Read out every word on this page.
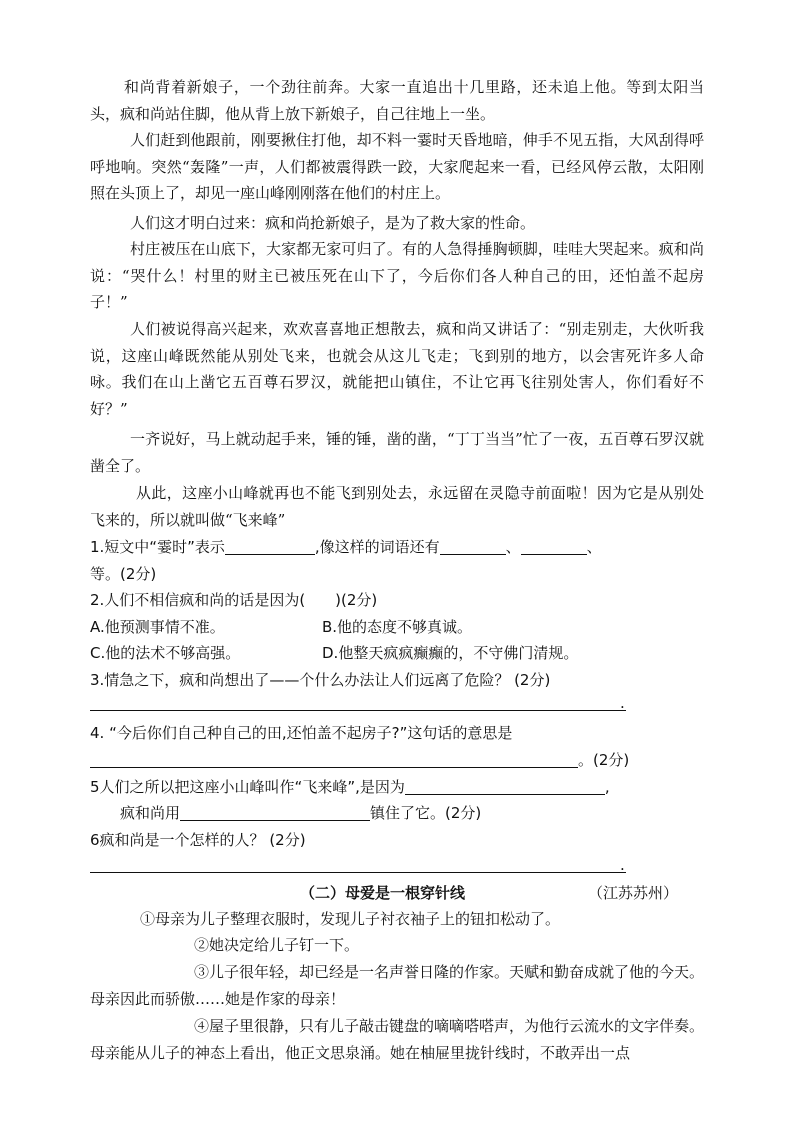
和尚背着新娘子，一个劲往前奔。大家一直追出十几里路，还未追上他。等到太阳当头，疯和尚站住脚，他从背上放下新娘子，自己往地上一坐。

人们赶到他跟前，刚要揪住打他，却不料一霎时天昏地暗，伸手不见五指，大风刮得呼呼地响。突然“轰隆”一声，人们都被震得跌一跤，大家爬起来一看，已经风停云散，太阳刚照在头顶上了，却见一座山峰刚刚落在他们的村庄上。

人们这才明白过来：疯和尚抢新娘子，是为了救大家的性命。

村庄被压在山底下，大家都无家可归了。有的人急得捶胸顿脚，哇哇大哭起来。疯和尚说：“哭什么！村里的财主已被压死在山下了，今后你们各人种自己的田，还怕盖不起房子！”

人们被说得高兴起来，欢欢喜喜地正想散去，疯和尚又讲话了：“别走别走，大伙听我说，这座山峰既然能从别处飞来，也就会从这儿飞走；飞到别的地方，以会害死许多人命咏。我们在山上凿它五百尊石罗汉，就能把山镇住，不让它再飞往别处害人，你们看好不好？”

一齐说好，马上就动起手来，锤的锤，凿的凿，“丁丁当当”忙了一夜，五百尊石罗汉就凿全了。

从此，这座小山峰就再也不能飞到别处去，永远留在灵隐寺前面啦！因为它是从别处飞来的，所以就叫做“飞来峰”

1.短文中“霎时”表示	,像这样的词语还有	、	、
等。(2分)
2.人们不相信疯和尚的话是因为(　　)(2分)
A.他预测事情不准。	B.他的态度不够真诚。
C.他的法术不够高强。	D.他整天疯疯癫癫的，不守佛门清规。
3.情急之下，疯和尚想出了——个什么办法让人们远离了危险？ (2分)
.
4. “今后你们自己种自己的田,还怕盖不起房子?”这句话的意思是
。(2分)
5人们之所以把这座小山峰叫作“飞来峰”,是因为	,
疯和尚用	镇住了它。(2分)
6疯和尚是一个怎样的人？ (2分)
.
（二）母爱是一根穿针线	（江苏苏州）

①母亲为儿子整理衣服时，发现儿子衬衣袖子上的钮扣松动了。

②她决定给儿子钉一下。

③儿子很年轻，却已经是一名声誉日隆的作家。天赋和勤奋成就了他的今天。母亲因此而骄傲……她是作家的母亲！

④屋子里很静，只有儿子敲击键盘的嘀嘀嗒嗒声，为他行云流水的文字伴奏。母亲能从儿子的神态上看出，他正文思泉涌。她在柚屉里拢针线时，不敢弄出一点
